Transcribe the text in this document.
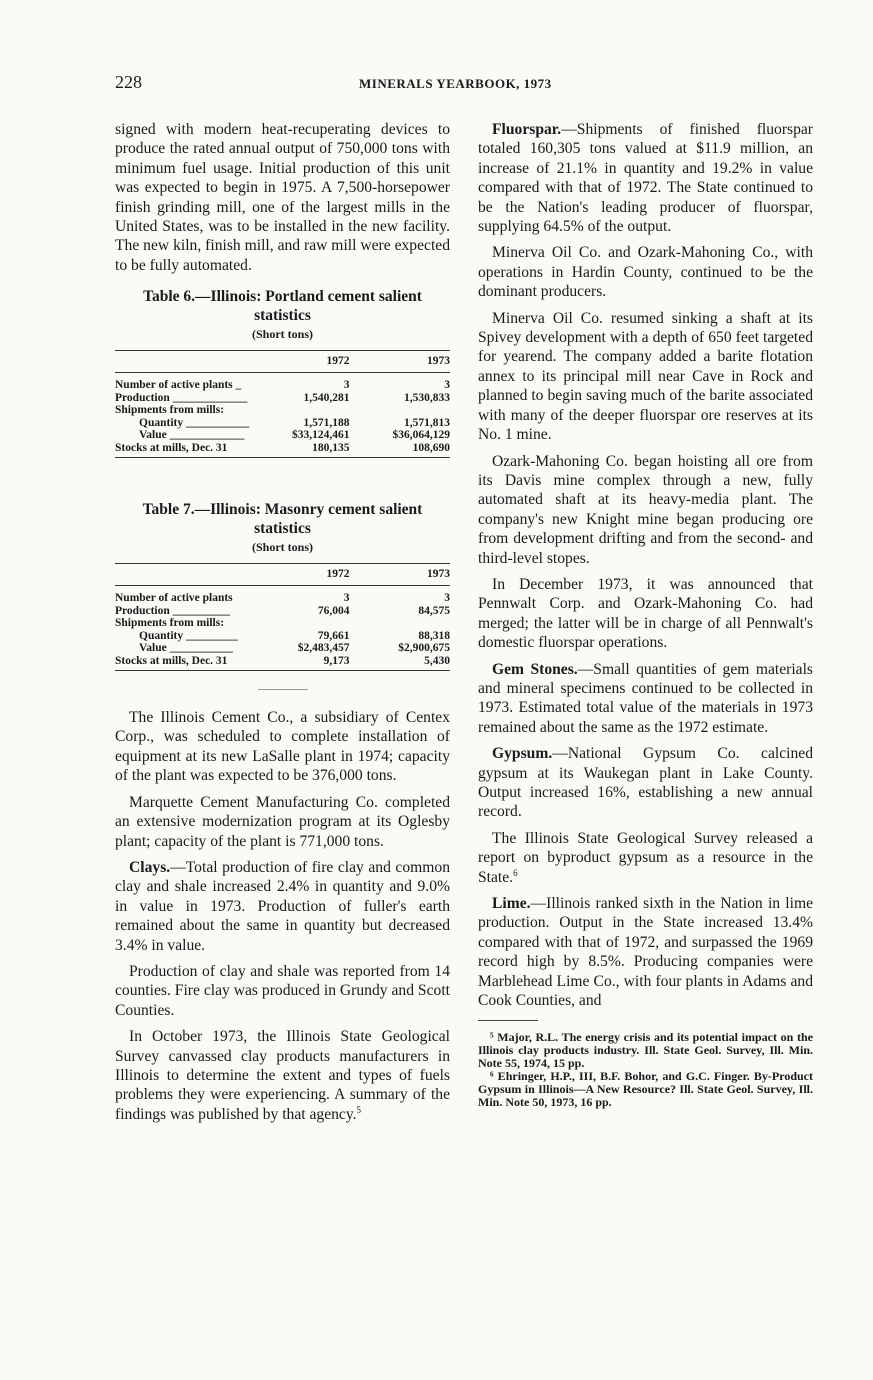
228	MINERALS YEARBOOK, 1973

signed with modern heat-recuperating devices to produce the rated annual output of 750,000 tons with minimum fuel usage. Initial production of this unit was expected to begin in 1975. A 7,500-horsepower finish grinding mill, one of the largest mills in the United States, was to be installed in the new facility. The new kiln, finish mill, and raw mill were expected to be fully automated.

Table 6.—Illinois: Portland cement salient statistics
(Short tons)
	1972	1973
Number of active plants _	3	3
Production _____________	1,540,281	1,530,833
Shipments from mills:		
Quantity ___________	1,571,188	1,571,813
Value _____________	$33,124,461	$36,064,129
Stocks at mills, Dec. 31	180,135	108,690
Table 7.—Illinois: Masonry cement salient statistics
(Short tons)
	1972	1973
Number of active plants	3	3
Production __________	76,004	84,575
Shipments from mills:		
Quantity _________	79,661	88,318
Value ___________	$2,483,457	$2,900,675
Stocks at mills, Dec. 31	9,173	5,430

The Illinois Cement Co., a subsidiary of Centex Corp., was scheduled to complete installation of equipment at its new LaSalle plant in 1974; capacity of the plant was expected to be 376,000 tons.

Marquette Cement Manufacturing Co. completed an extensive modernization program at its Oglesby plant; capacity of the plant is 771,000 tons.

Clays.—Total production of fire clay and common clay and shale increased 2.4% in quantity and 9.0% in value in 1973. Production of fuller's earth remained about the same in quantity but decreased 3.4% in value.

Production of clay and shale was reported from 14 counties. Fire clay was produced in Grundy and Scott Counties.

In October 1973, the Illinois State Geological Survey canvassed clay products manufacturers in Illinois to determine the extent and types of fuels problems they were experiencing. A summary of the findings was published by that agency.$^5$

Fluorspar.—Shipments of finished fluorspar totaled 160,305 tons valued at $11.9 million, an increase of 21.1% in quantity and 19.2% in value compared with that of 1972. The State continued to be the Nation's leading producer of fluorspar, supplying 64.5% of the output.

Minerva Oil Co. and Ozark-Mahoning Co., with operations in Hardin County, continued to be the dominant producers.

Minerva Oil Co. resumed sinking a shaft at its Spivey development with a depth of 650 feet targeted for yearend. The company added a barite flotation annex to its principal mill near Cave in Rock and planned to begin saving much of the barite associated with many of the deeper fluorspar ore reserves at its No. 1 mine.

Ozark-Mahoning Co. began hoisting all ore from its Davis mine complex through a new, fully automated shaft at its heavy-media plant. The company's new Knight mine began producing ore from development drifting and from the second- and third-level stopes.

In December 1973, it was announced that Pennwalt Corp. and Ozark-Mahoning Co. had merged; the latter will be in charge of all Pennwalt's domestic fluorspar operations.

Gem Stones.—Small quantities of gem materials and mineral specimens continued to be collected in 1973. Estimated total value of the materials in 1973 remained about the same as the 1972 estimate.

Gypsum.—National Gypsum Co. calcined gypsum at its Waukegan plant in Lake County. Output increased 16%, establishing a new annual record.

The Illinois State Geological Survey released a report on byproduct gypsum as a resource in the State.$^6$

Lime.—Illinois ranked sixth in the Nation in lime production. Output in the State increased 13.4% compared with that of 1972, and surpassed the 1969 record high by 8.5%. Producing companies were Marblehead Lime Co., with four plants in Adams and Cook Counties, and

⁵ Major, R.L. The energy crisis and its potential impact on the Illinois clay products industry. Ill. State Geol. Survey, Ill. Min. Note 55, 1974, 15 pp.

⁶ Ehringer, H.P., III, B.F. Bohor, and G.C. Finger. By-Product Gypsum in Illinois—A New Resource? Ill. State Geol. Survey, Ill. Min. Note 50, 1973, 16 pp.
